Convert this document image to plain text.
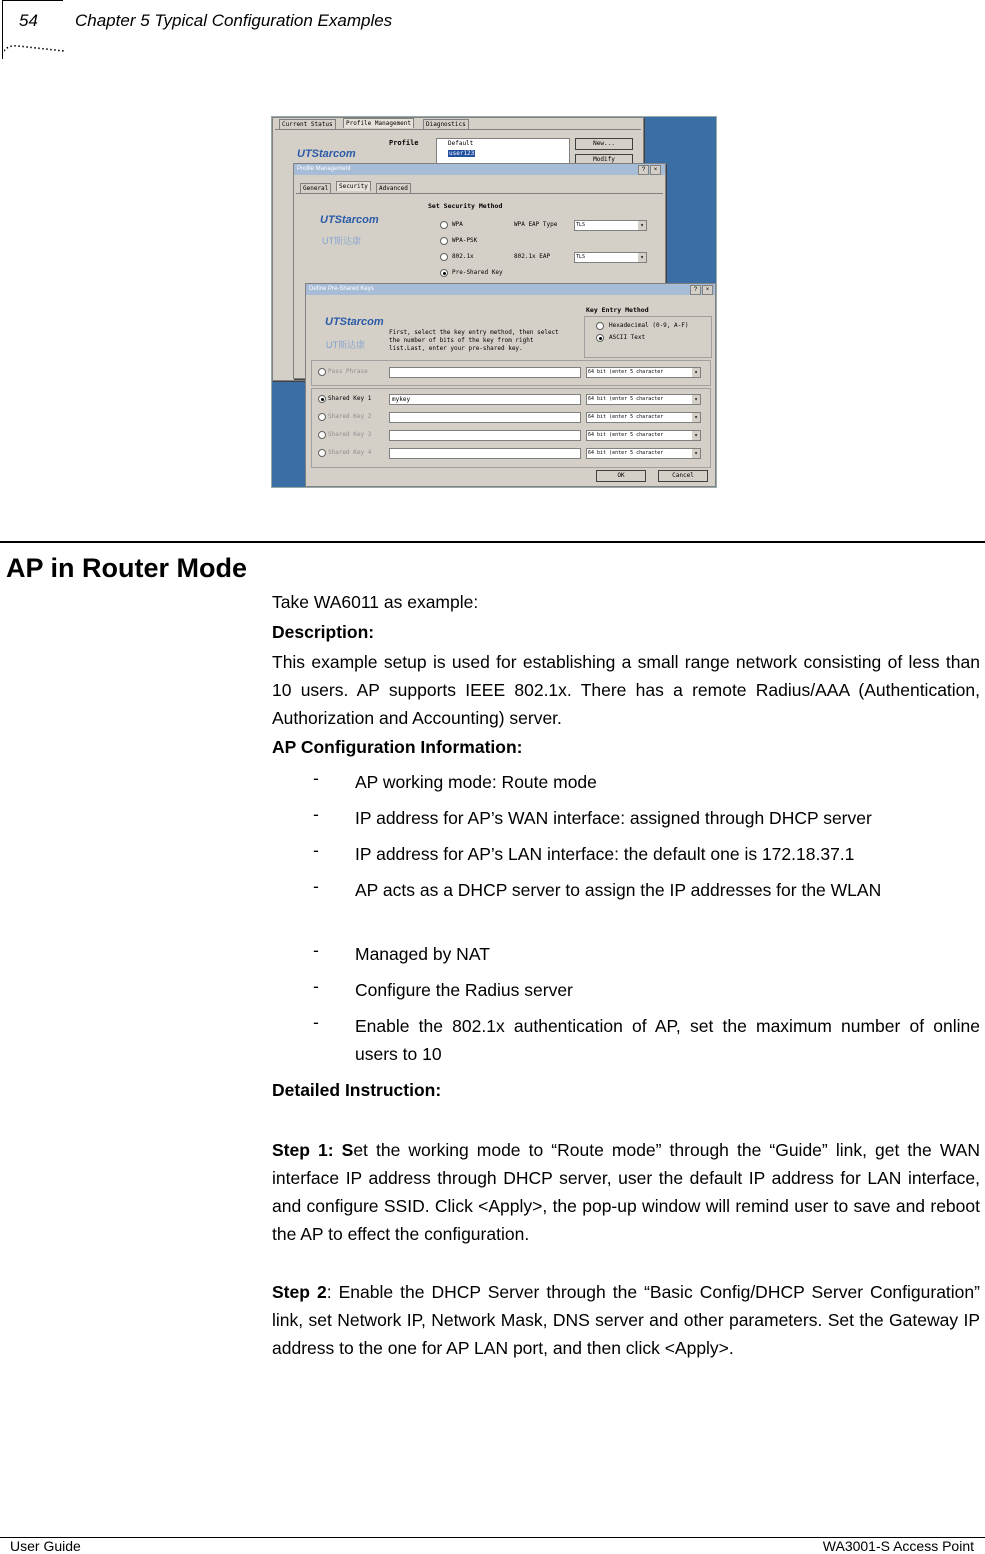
54 Chapter 5 Typical Configuration Examples
Current Status	Profile Management	Diagnostics
UTStarcom
Profile	Default
user123
New...
Modify
Profile Management	?	×
General	Security	Advanced
UTStarcom
UT斯达康
Set Security Method
WPA	WPA EAP Type	TLS ▾
WPA-PSK
802.1x	802.1x EAP	TLS ▾
Pre-Shared Key
Define Pre-Shared Keys	?	×
UTStarcom
UT斯达康
First, select the key entry method, then select
the number of bits of the key from right
list.Last, enter your pre-shared key.
Key Entry Method
Hexadecimal (0-9, A-F)
ASCII Text
Pass Phrase	64 bit (enter 5 character ▾
Shared Key 1	mykey	64 bit (enter 5 character ▾
Shared Key 2	64 bit (enter 5 character ▾
Shared Key 3	64 bit (enter 5 character ▾
Shared Key 4	64 bit (enter 5 character ▾
OK	Cancel
AP in Router Mode
Take WA6011 as example:
Description:
This example setup is used for establishing a small range network consisting of less than 10 users. AP supports IEEE 802.1x. There has a remote Radius/AAA (Authentication, Authorization and Accounting) server.
AP Configuration Information:
- AP working mode: Route mode
- IP address for AP’s WAN interface: assigned through DHCP server
- IP address for AP’s LAN interface: the default one is 172.18.37.1
- AP acts as a DHCP server to assign the IP addresses for the WLAN
- Managed by NAT
- Configure the Radius server
- Enable the 802.1x authentication of AP, set the maximum number of online users to 10
Detailed Instruction:
Step 1: Set the working mode to “Route mode” through the “Guide” link, get the WAN interface IP address through DHCP server, user the default IP address for LAN interface, and configure SSID. Click <Apply>, the pop-up window will remind user to save and reboot the AP to effect the configuration.
Step 2: Enable the DHCP Server through the “Basic Config/DHCP Server Configuration” link, set Network IP, Network Mask, DNS server and other parameters. Set the Gateway IP address to the one for AP LAN port, and then click <Apply>.
User Guide	WA3001-S Access Point
